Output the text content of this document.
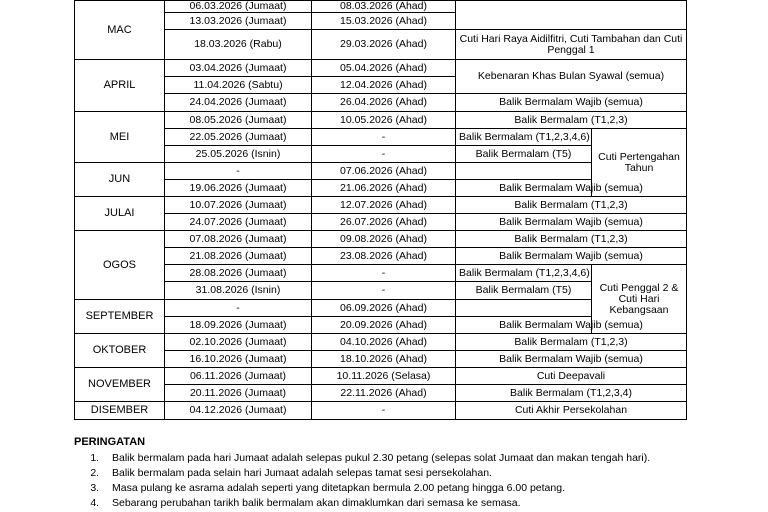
MAC	06.03.2026 (Jumaat)	08.03.2026 (Ahad)		
	13.03.2026 (Jumaat)	15.03.2026 (Ahad)		
	18.03.2026 (Rabu)	29.03.2026 (Ahad)	Cuti Hari Raya Aidilfitri, Cuti Tambahan dan Cuti Penggal 1	
APRIL	03.04.2026 (Jumaat)	05.04.2026 (Ahad)	Kebenaran Khas Bulan Syawal (semua)	
	11.04.2026 (Sabtu)	12.04.2026 (Ahad)		
	24.04.2026 (Jumaat)	26.04.2026 (Ahad)	Balik Bermalam Wajib (semua)	
MEI	08.05.2026 (Jumaat)	10.05.2026 (Ahad)	Balik Bermalam (T1,2,3)	
	22.05.2026 (Jumaat)	-	Balik Bermalam (T1,2,3,4,6)	Cuti Pertengahan Tahun
	25.05.2026 (Isnin)	-	Balik Bermalam (T5)	
JUN	-	07.06.2026 (Ahad)		
	19.06.2026 (Jumaat)	21.06.2026 (Ahad)	Balik Bermalam Wajib (semua)	
JULAI	10.07.2026 (Jumaat)	12.07.2026 (Ahad)	Balik Bermalam (T1,2,3)	
	24.07.2026 (Jumaat)	26.07.2026 (Ahad)	Balik Bermalam Wajib (semua)	
OGOS	07.08.2026 (Jumaat)	09.08.2026 (Ahad)	Balik Bermalam (T1,2,3)	
	21.08.2026 (Jumaat)	23.08.2026 (Ahad)	Balik Bermalam Wajib (semua)	
	28.08.2026 (Jumaat)	-	Balik Bermalam (T1,2,3,4,6)	Cuti Penggal 2 & Cuti Hari Kebangsaan
	31.08.2026 (Isnin)	-	Balik Bermalam (T5)	
SEPTEMBER	-	06.09.2026 (Ahad)		
	18.09.2026 (Jumaat)	20.09.2026 (Ahad)	Balik Bermalam Wajib (semua)	
OKTOBER	02.10.2026 (Jumaat)	04.10.2026 (Ahad)	Balik Bermalam (T1,2,3)	
	16.10.2026 (Jumaat)	18.10.2026 (Ahad)	Balik Bermalam Wajib (semua)	
NOVEMBER	06.11.2026 (Jumaat)	10.11.2026 (Selasa)	Cuti Deepavali	
	20.11.2026 (Jumaat)	22.11.2026 (Ahad)	Balik Bermalam (T1,2,3,4)	
DISEMBER	04.12.2026 (Jumaat)	-	Cuti Akhir Persekolahan	
PERINGATAN
1. Balik bermalam pada hari Jumaat adalah selepas pukul 2.30 petang (selepas solat Jumaat dan makan tengah hari).
2. Balik bermalam pada selain hari Jumaat adalah selepas tamat sesi persekolahan.
3. Masa pulang ke asrama adalah seperti yang ditetapkan bermula 2.00 petang hingga 6.00 petang.
4. Sebarang perubahan tarikh balik bermalam akan dimaklumkan dari semasa ke semasa.
